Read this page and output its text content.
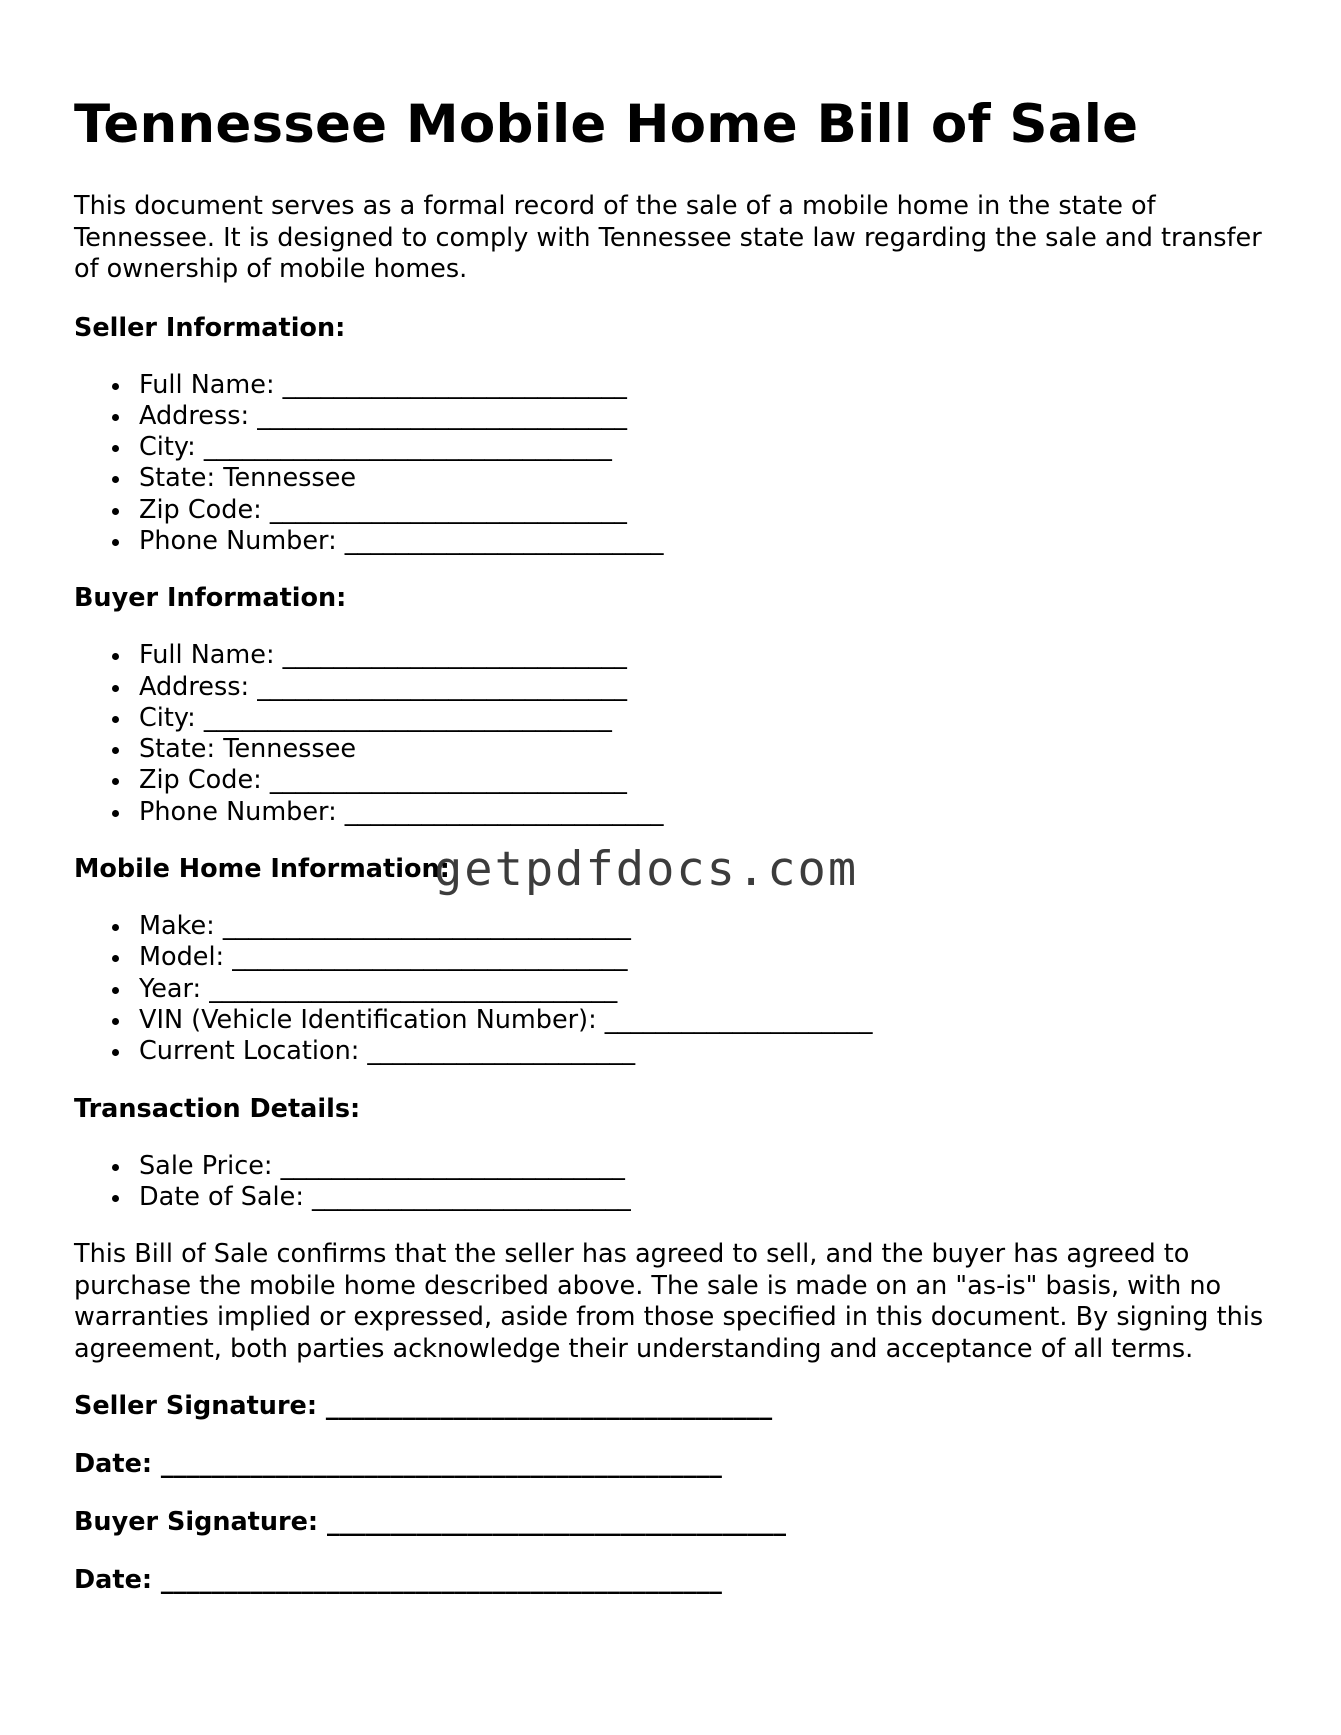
Tennessee Mobile Home Bill of Sale

This document serves as a formal record of the sale of a mobile home in the state of Tennessee. It is designed to comply with Tennessee state law regarding the sale and transfer of ownership of mobile homes.

Seller Information:

Full Name: ___________________________
Address: _____________________________
City: ________________________________
State: Tennessee
Zip Code: ____________________________
Phone Number: _________________________

Buyer Information:

Full Name: ___________________________
Address: _____________________________
City: ________________________________
State: Tennessee
Zip Code: ____________________________
Phone Number: _________________________

Mobile Home Information:

Make: ________________________________
Model: _______________________________
Year: ________________________________
VIN (Vehicle Identification Number): _____________________
Current Location: _____________________

Transaction Details:

Sale Price: ___________________________
Date of Sale: _________________________

This Bill of Sale confirms that the seller has agreed to sell, and the buyer has agreed to purchase the mobile home described above. The sale is made on an "as-is" basis, with no warranties implied or expressed, aside from those specified in this document. By signing this agreement, both parties acknowledge their understanding and acceptance of all terms.

Seller Signature: ___________________________________

Date: ____________________________________________

Buyer Signature: ____________________________________

Date: ____________________________________________

getpdfdocs.com
